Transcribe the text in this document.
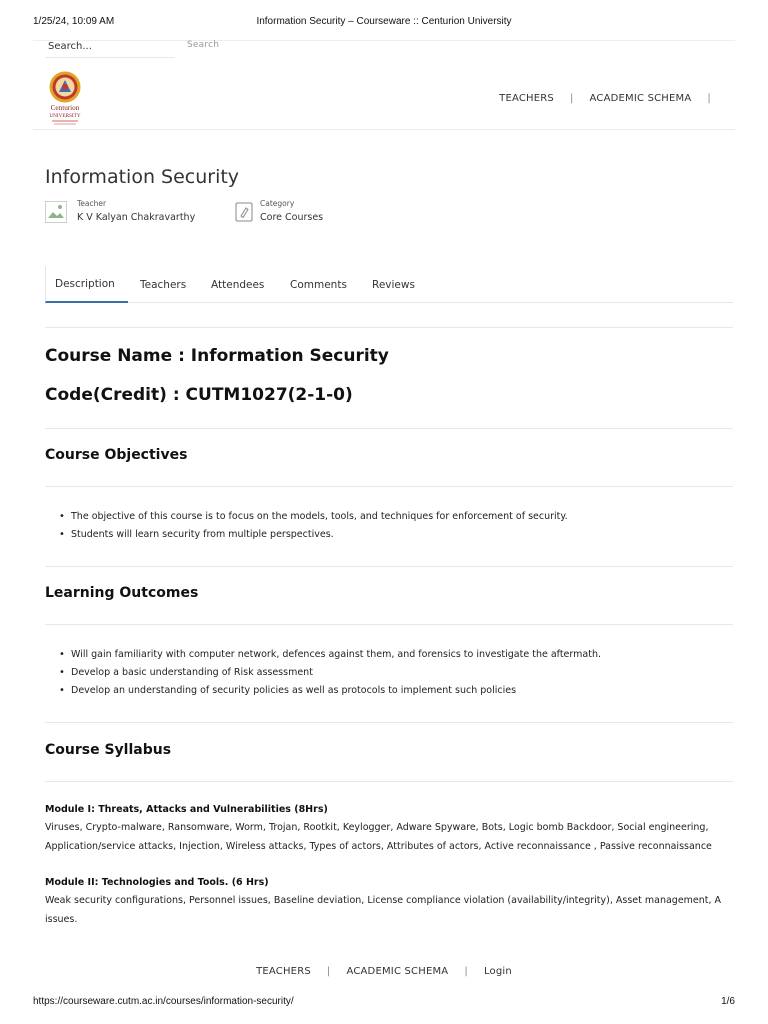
1/25/24, 10:09 AM	Information Security – Courseware :: Centurion University
Search...
Search
Centurion
UNIVERSITY
TEACHERS | ACADEMIC SCHEMA |
Information Security
Teacher
K V Kalyan Chakravarthy
Category
Core Courses
Description	Teachers Attendees Comments Reviews
Course Name : Information Security
Code(Credit) : CUTM1027(2-1-0)
Course Objectives
• The objective of this course is to focus on the models, tools, and techniques for enforcement of security.
• Students will learn security from multiple perspectives.
Learning Outcomes
• Will gain familiarity with computer network, defences against them, and forensics to investigate the aftermath.
• Develop a basic understanding of Risk assessment
• Develop an understanding of security policies as well as protocols to implement such policies
Course Syllabus
Module I: Threats, Attacks and Vulnerabilities (8Hrs)
Viruses, Crypto-malware, Ransomware, Worm, Trojan, Rootkit, Keylogger, Adware Spyware, Bots, Logic bomb Backdoor, Social engineering, Application/service attacks, Injection, Wireless attacks, Types of actors, Attributes of actors, Active reconnaissance , Passive reconnaissance
Module II: Technologies and Tools. (6 Hrs)
Weak security configurations, Personnel issues, Baseline deviation, License compliance violation (availability/integrity), Asset management, A
issues.
TEACHERS | ACADEMIC SCHEMA | Login
https://courseware.cutm.ac.in/courses/information-security/	1/6
